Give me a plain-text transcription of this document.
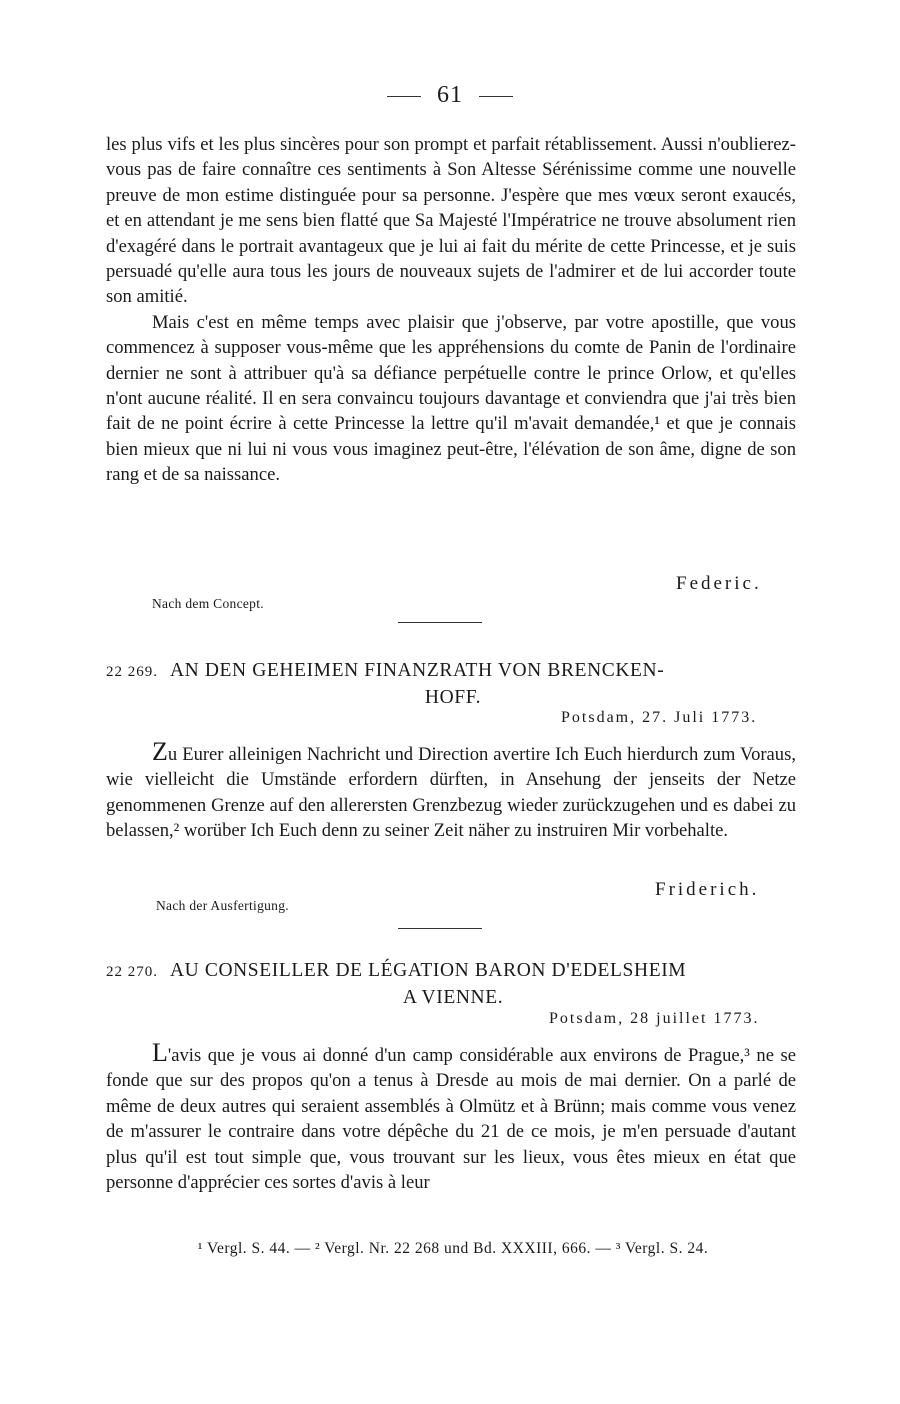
61

les plus vifs et les plus sincères pour son prompt et parfait rétablissement. Aussi n'oublierez-vous pas de faire connaître ces sentiments à Son Altesse Sérénissime comme une nouvelle preuve de mon estime distinguée pour sa personne. J'espère que mes vœux seront exaucés, et en attendant je me sens bien flatté que Sa Majesté l'Impératrice ne trouve absolument rien d'exagéré dans le portrait avantageux que je lui ai fait du mérite de cette Princesse, et je suis persuadé qu'elle aura tous les jours de nouveaux sujets de l'admirer et de lui accorder toute son amitié.

Mais c'est en même temps avec plaisir que j'observe, par votre apostille, que vous commencez à supposer vous-même que les appréhensions du comte de Panin de l'ordinaire dernier ne sont à attribuer qu'à sa défiance perpétuelle contre le prince Orlow, et qu'elles n'ont aucune réalité. Il en sera convaincu toujours davantage et conviendra que j'ai très bien fait de ne point écrire à cette Princesse la lettre qu'il m'avait demandée,¹ et que je connais bien mieux que ni lui ni vous vous imaginez peut-être, l'élévation de son âme, digne de son rang et de sa naissance.

Federic.
Nach dem Concept.
22 269. AN DEN GEHEIMEN FINANZRATH VON BRENCKEN-
HOFF.
Potsdam, 27. Juli 1773.

Zu Eurer alleinigen Nachricht und Direction avertire Ich Euch hierdurch zum Voraus, wie vielleicht die Umstände erfordern dürften, in Ansehung der jenseits der Netze genommenen Grenze auf den allerersten Grenzbezug wieder zurückzugehen und es dabei zu belassen,² worüber Ich Euch denn zu seiner Zeit näher zu instruiren Mir vorbehalte.

Friderich.
Nach der Ausfertigung.
22 270. AU CONSEILLER DE LÉGATION BARON D'EDELSHEIM
A VIENNE.
Potsdam, 28 juillet 1773.

L'avis que je vous ai donné d'un camp considérable aux environs de Prague,³ ne se fonde que sur des propos qu'on a tenus à Dresde au mois de mai dernier. On a parlé de même de deux autres qui seraient assemblés à Olmütz et à Brünn; mais comme vous venez de m'assurer le contraire dans votre dépêche du 21 de ce mois, je m'en persuade d'autant plus qu'il est tout simple que, vous trouvant sur les lieux, vous êtes mieux en état que personne d'apprécier ces sortes d'avis à leur

¹ Vergl. S. 44. — ² Vergl. Nr. 22 268 und Bd. XXXIII, 666. — ³ Vergl. S. 24.
